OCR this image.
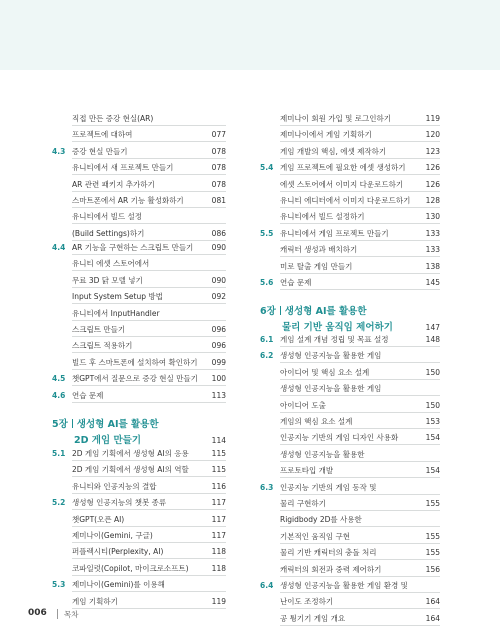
직접 만든 증강 현실(AR)
프로젝트에 대하여	077
4.3 증강 현실 만들기	078
유니티에서 새 프로젝트 만들기	078
AR 관련 패키지 추가하기	078
스마트폰에서 AR 기능 활성화하기	081
유니티에서 빌드 설정
(Build Settings)하기	086
4.4 AR 기능을 구현하는 스크립트 만들기 090
유니티 에셋 스토어에서
무료 3D 닭 모델 넣기	090
Input System Setup 방법	092
유니티에서 InputHandler
스크립트 만들기	096
스크립트 적용하기	096
빌드 후 스마트폰에 설치하여 확인하기 099
4.5 챗GPT에서 질문으로 증강 현실 만들기 100
4.6 연습 문제	113
5장 생성형 AI를 활용한
2D 게임 만들기	114
5.1 2D 게임 기획에서 생성형 AI의 응용	115
2D 게임 기획에서 생성형 AI의 역할	115
유니티와 인공지능의 결합	116
5.2 생성형 인공지능의 챗봇 종류	117
챗GPT(오픈 AI)	117
제미나이(Gemini, 구글)	117
퍼플렉시티(Perplexity, AI)	118
코파일럿(Copilot, 마이크로소프트)	118
5.3 제미나이(Gemini)를 이용해
게임 기획하기	119
제미나이 회원 가입 및 로그인하기	119
제미나이에서 게임 기획하기	120
게임 개발의 핵심, 에셋 제작하기	123
5.4 게임 프로젝트에 필요한 에셋 생성하기	126
에셋 스토어에서 이미지 다운로드하기	126
유니티 에디터에서 이미지 다운로드하기 128
유니티에서 빌드 설정하기	130
5.5 유니티에서 게임 프로젝트 만들기	133
캐릭터 생성과 배치하기	133
미로 탈출 게임 만들기	138
5.6 연습 문제	145
6장 생성형 AI를 활용한
물리 기반 움직임 제어하기	147
6.1 게임 설계 개념 정립 및 목표 설정	148
6.2 생성형 인공지능을 활용한 게임
아이디어 및 핵심 요소 설계	150
생성형 인공지능을 활용한 게임
아이디어 도출	150
게임의 핵심 요소 설계	153
인공지능 기반의 게임 디자인 사용화	154
생성형 인공지능을 활용한
프로토타입 개발	154
6.3 인공지능 기반의 게임 동작 및
물리 구현하기	155
Rigidbody 2D를 사용한
기본적인 움직임 구현	155
물리 기반 캐릭터의 충돌 처리	155
캐릭터의 회전과 중력 제어하기	156
6.4 생성형 인공지능을 활용한 게임 환경 및
난이도 조정하기	164
공 튕기기 게임 개요	164
006 목차
